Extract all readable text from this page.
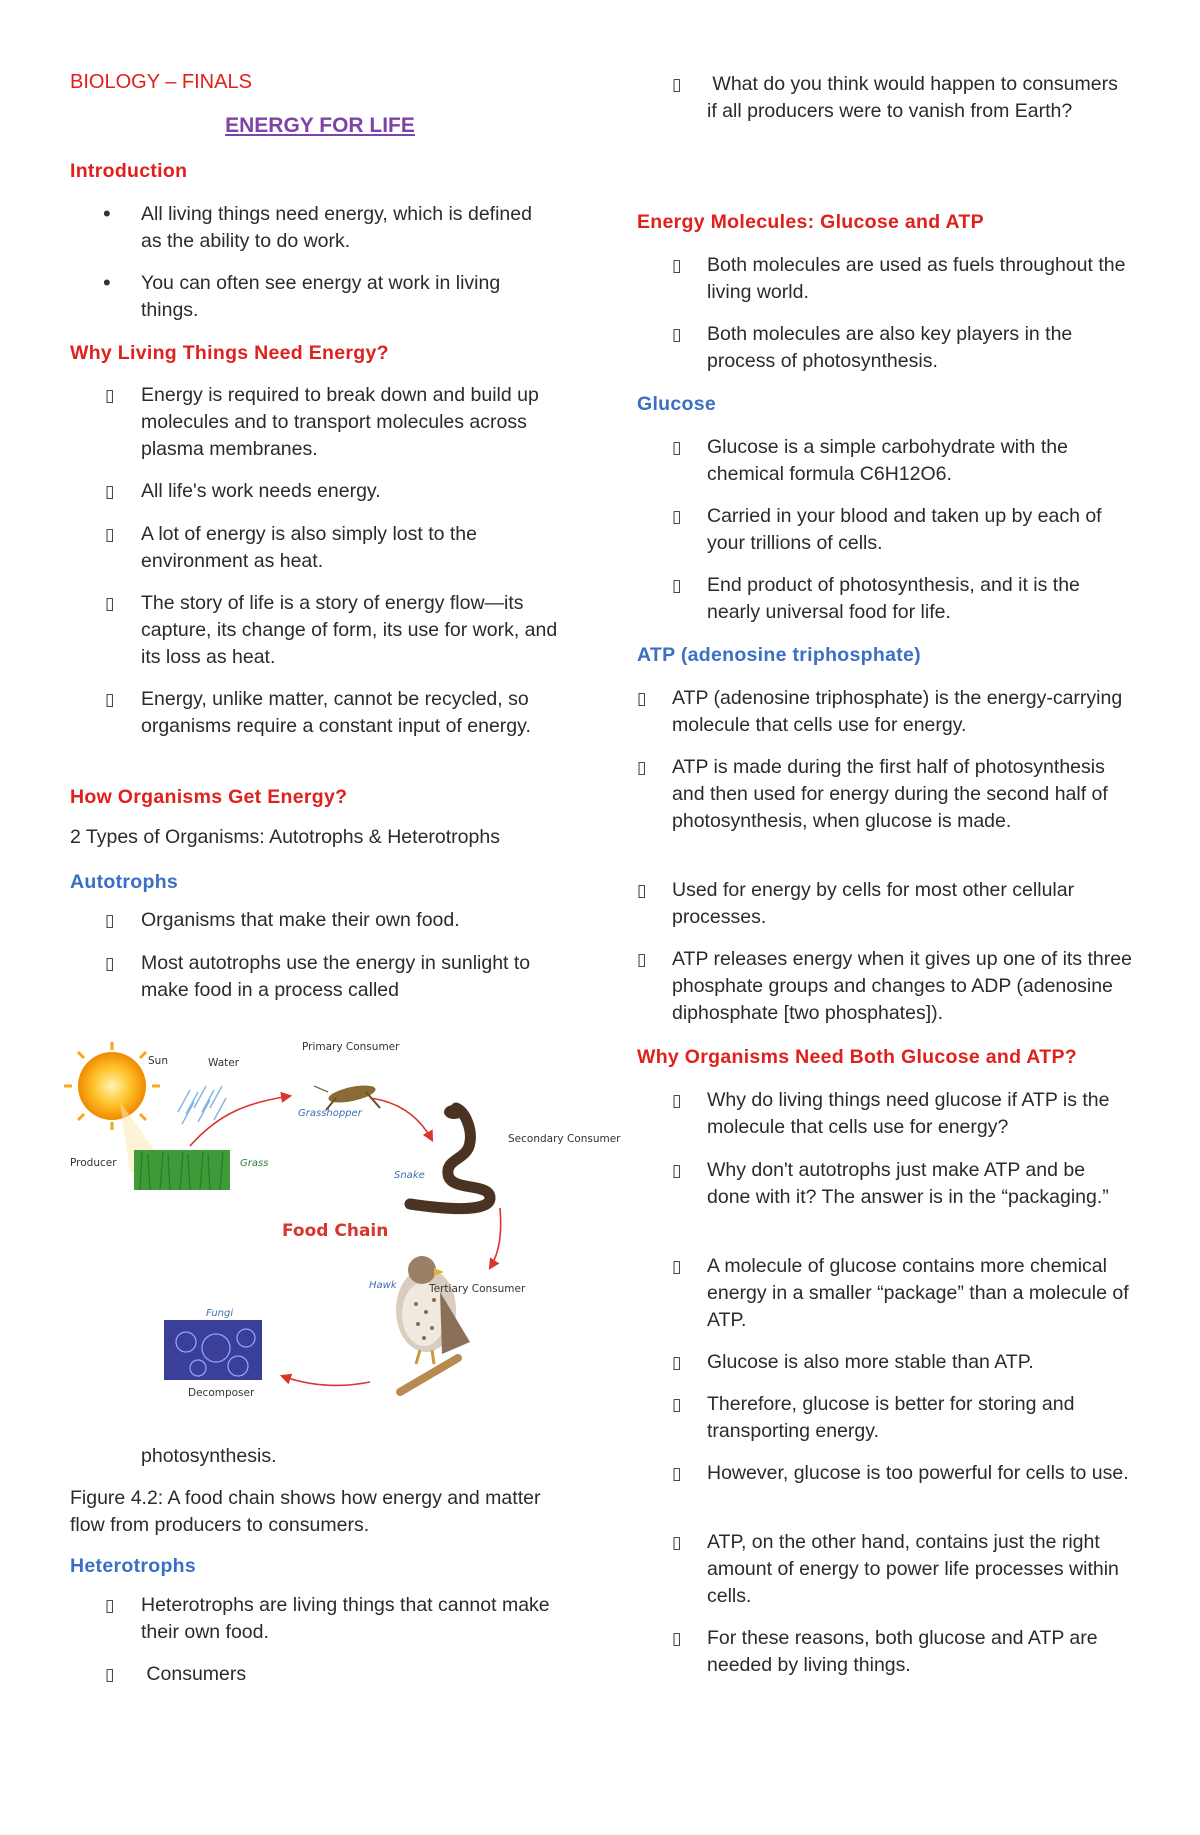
BIOLOGY – FINALS
ENERGY FOR LIFE
Introduction
• All living things need energy, which is defined as the ability to do work.
• You can often see energy at work in living things.
Why Living Things Need Energy?
▯ Energy is required to break down and build up molecules and to transport molecules across plasma membranes.
▯ All life's work needs energy.
▯ A lot of energy is also simply lost to the environment as heat.
▯ The story of life is a story of energy flow—its capture, its change of form, its use for work, and its loss as heat.
▯ Energy, unlike matter, cannot be recycled, so organisms require a constant input of energy.
How Organisms Get Energy?
2 Types of Organisms: Autotrophs & Heterotrophs
Autotrophs
▯ Organisms that make their own food.
▯ Most autotrophs use the energy in sunlight to make food in a process called
photosynthesis.
Figure 4.2: A food chain shows how energy and matter flow from producers to consumers.
Heterotrophs
▯ Heterotrophs are living things that cannot make their own food.
▯ Consumers
Sun	Water
Producer
Primary Consumer
Secondary Consumer
Tertiary Consumer
Decomposer
Grass
Grasshopper
Snake
Hawk
Fungi
Food Chain
▯ What do you think would happen to consumers if all producers were to vanish from Earth?
Energy Molecules: Glucose and ATP
▯ Both molecules are used as fuels throughout the living world.
▯ Both molecules are also key players in the process of photosynthesis.
Glucose
▯ Glucose is a simple carbohydrate with the chemical formula C6H12O6.
▯ Carried in your blood and taken up by each of your trillions of cells.
▯ End product of photosynthesis, and it is the nearly universal food for life.
ATP (adenosine triphosphate)
▯ ATP (adenosine triphosphate) is the energy-carrying molecule that cells use for energy.
▯ ATP is made during the first half of photosynthesis and then used for energy during the second half of photosynthesis, when glucose is made.
▯ Used for energy by cells for most other cellular processes.
▯ ATP releases energy when it gives up one of its three phosphate groups and changes to ADP (adenosine diphosphate [two phosphates]).
Why Organisms Need Both Glucose and ATP?
▯ Why do living things need glucose if ATP is the molecule that cells use for energy?
▯ Why don't autotrophs just make ATP and be done with it? The answer is in the “packaging.”
▯ A molecule of glucose contains more chemical energy in a smaller “package” than a molecule of ATP.
▯ Glucose is also more stable than ATP.
▯ Therefore, glucose is better for storing and transporting energy.
▯ However, glucose is too powerful for cells to use.
▯ ATP, on the other hand, contains just the right amount of energy to power life processes within cells.
▯ For these reasons, both glucose and ATP are needed by living things.
